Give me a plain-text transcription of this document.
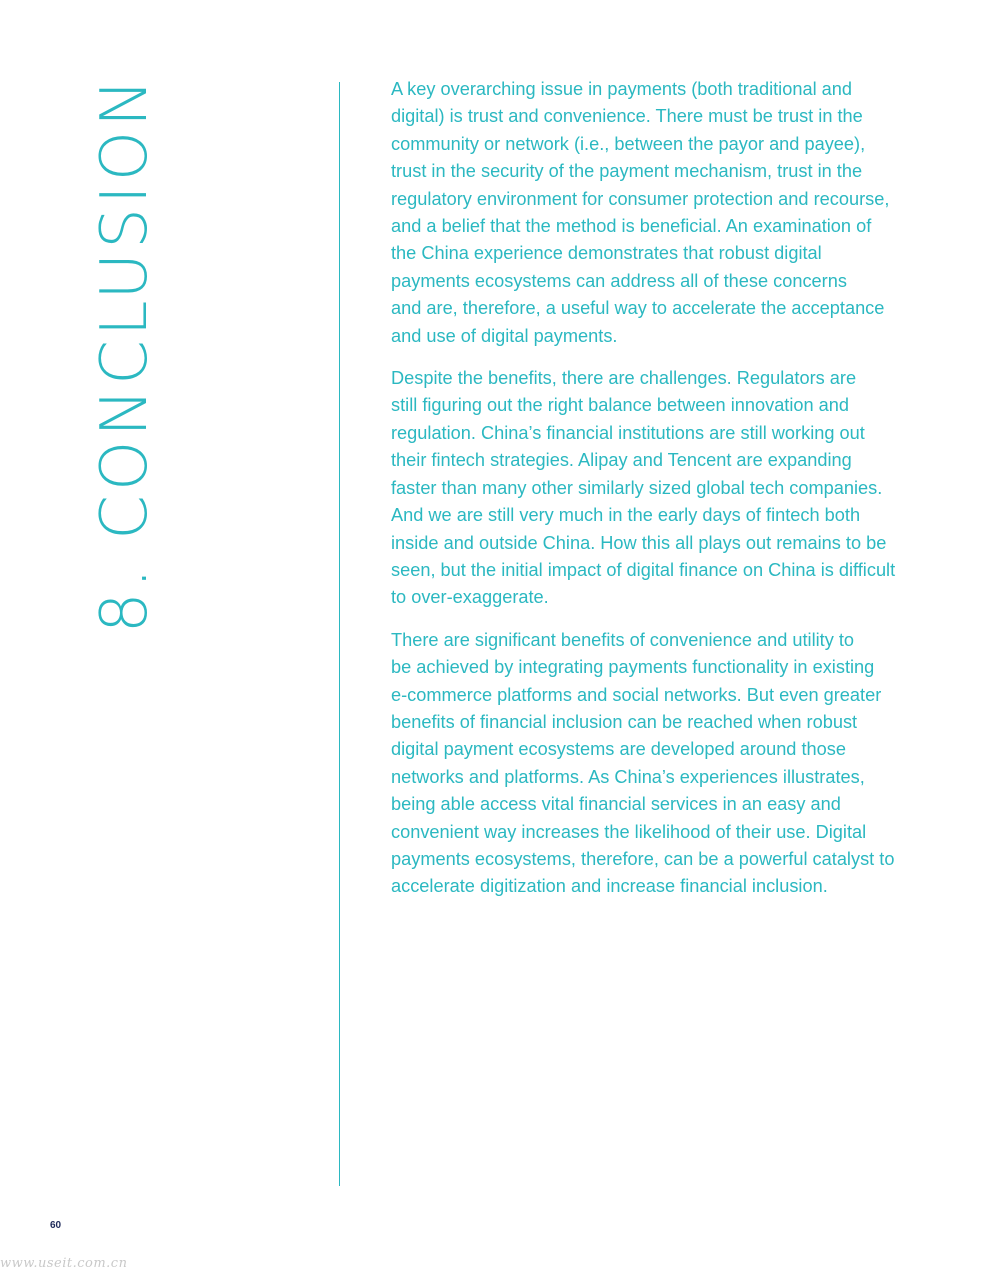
8. CONCLUSION	A key overarching issue in payments (both traditional and
digital) is trust and convenience. There must be trust in the
community or network (i.e., between the payor and payee),
trust in the security of the payment mechanism, trust in the
regulatory environment for consumer protection and recourse,
and a belief that the method is beneficial. An examination of
the China experience demonstrates that robust digital
payments ecosystems can address all of these concerns
and are, therefore, a useful way to accelerate the acceptance
and use of digital payments.

Despite the benefits, there are challenges. Regulators are
still figuring out the right balance between innovation and
regulation. China’s financial institutions are still working out
their fintech strategies. Alipay and Tencent are expanding
faster than many other similarly sized global tech companies.
And we are still very much in the early days of fintech both
inside and outside China. How this all plays out remains to be
seen, but the initial impact of digital finance on China is difficult
to over-exaggerate.

There are significant benefits of convenience and utility to
be achieved by integrating payments functionality in existing
e-commerce platforms and social networks. But even greater
benefits of financial inclusion can be reached when robust
digital payment ecosystems are developed around those
networks and platforms. As China’s experiences illustrates,
being able access vital financial services in an easy and
convenient way increases the likelihood of their use. Digital
payments ecosystems, therefore, can be a powerful catalyst to
accelerate digitization and increase financial inclusion.

60
www.useit.com.cn
